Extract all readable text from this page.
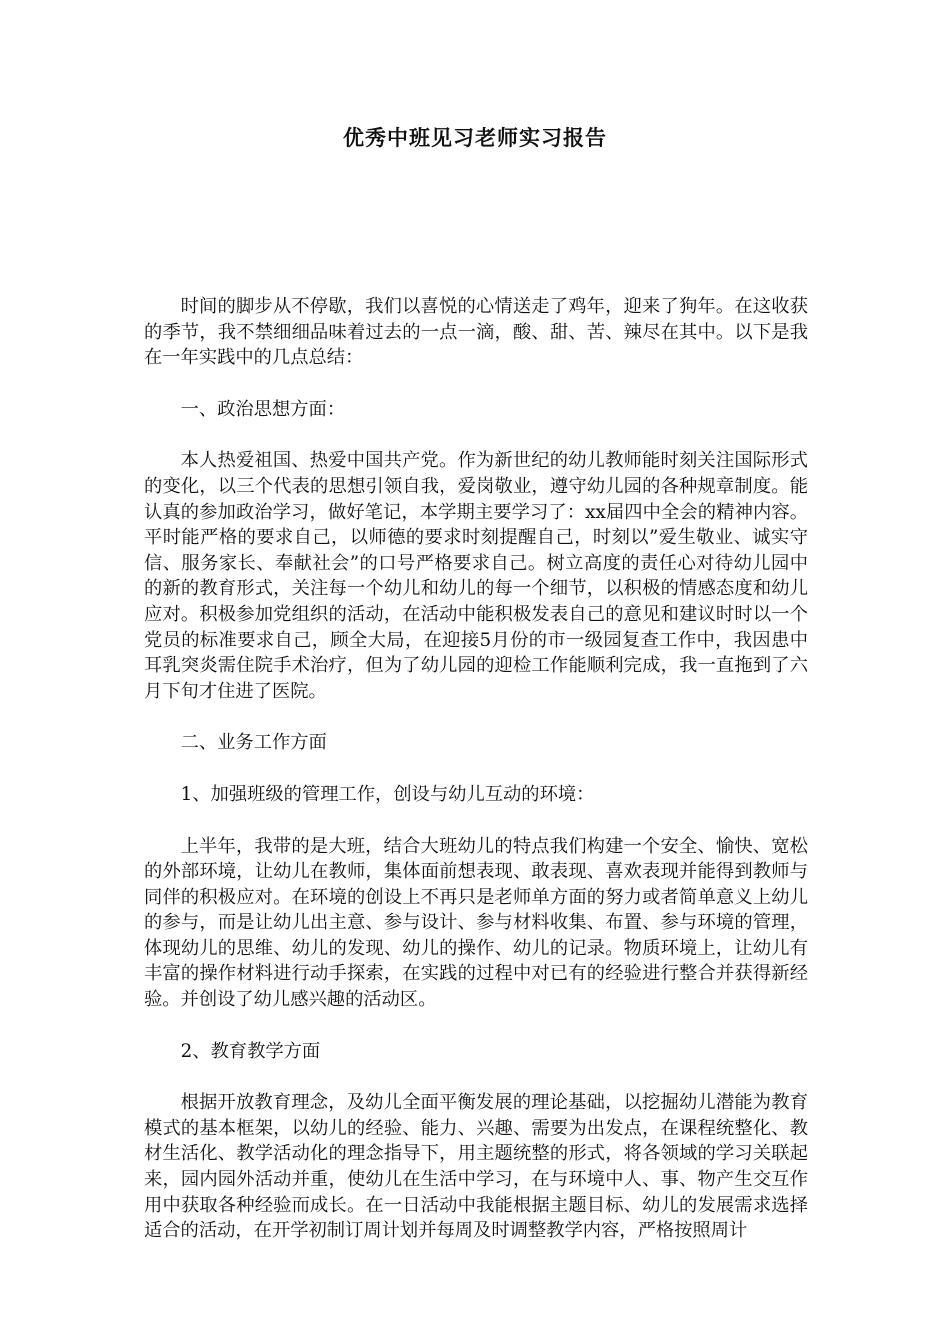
优秀中班见习老师实习报告

时间的脚步从不停歇，我们以喜悦的心情送走了鸡年，迎来了狗年。在这收获的季节，我不禁细细品味着过去的一点一滴，酸、甜、苦、辣尽在其中。以下是我在一年实践中的几点总结：

一、政治思想方面：

本人热爱祖国、热爱中国共产党。作为新世纪的幼儿教师能时刻关注国际形式的变化，以三个代表的思想引领自我，爱岗敬业，遵守幼儿园的各种规章制度。能认真的参加政治学习，做好笔记，本学期主要学习了：xx届四中全会的精神内容。平时能严格的要求自己，以师德的要求时刻提醒自己，时刻以”爱生敬业、诚实守信、服务家长、奉献社会”的口号严格要求自己。树立高度的责任心对待幼儿园中的新的教育形式，关注每一个幼儿和幼儿的每一个细节，以积极的情感态度和幼儿应对。积极参加党组织的活动，在活动中能积极发表自己的意见和建议时时以一个党员的标准要求自己，顾全大局，在迎接5月份的市一级园复查工作中，我因患中耳乳突炎需住院手术治疗，但为了幼儿园的迎检工作能顺利完成，我一直拖到了六月下旬才住进了医院。

二、业务工作方面

1、加强班级的管理工作，创设与幼儿互动的环境：

上半年，我带的是大班，结合大班幼儿的特点我们构建一个安全、愉快、宽松的外部环境，让幼儿在教师，集体面前想表现、敢表现、喜欢表现并能得到教师与同伴的积极应对。在环境的创设上不再只是老师单方面的努力或者简单意义上幼儿的参与，而是让幼儿出主意、参与设计、参与材料收集、布置、参与环境的管理，体现幼儿的思维、幼儿的发现、幼儿的操作、幼儿的记录。物质环境上，让幼儿有丰富的操作材料进行动手探索，在实践的过程中对已有的经验进行整合并获得新经验。并创设了幼儿感兴趣的活动区。

2、教育教学方面

根据开放教育理念，及幼儿全面平衡发展的理论基础，以挖掘幼儿潜能为教育模式的基本框架，以幼儿的经验、能力、兴趣、需要为出发点，在课程统整化、教材生活化、教学活动化的理念指导下，用主题统整的形式，将各领域的学习关联起来，园内园外活动并重，使幼儿在生活中学习，在与环境中人、事、物产生交互作用中获取各种经验而成长。在一日活动中我能根据主题目标、幼儿的发展需求选择适合的活动，在开学初制订周计划并每周及时调整教学内容，严格按照周计
